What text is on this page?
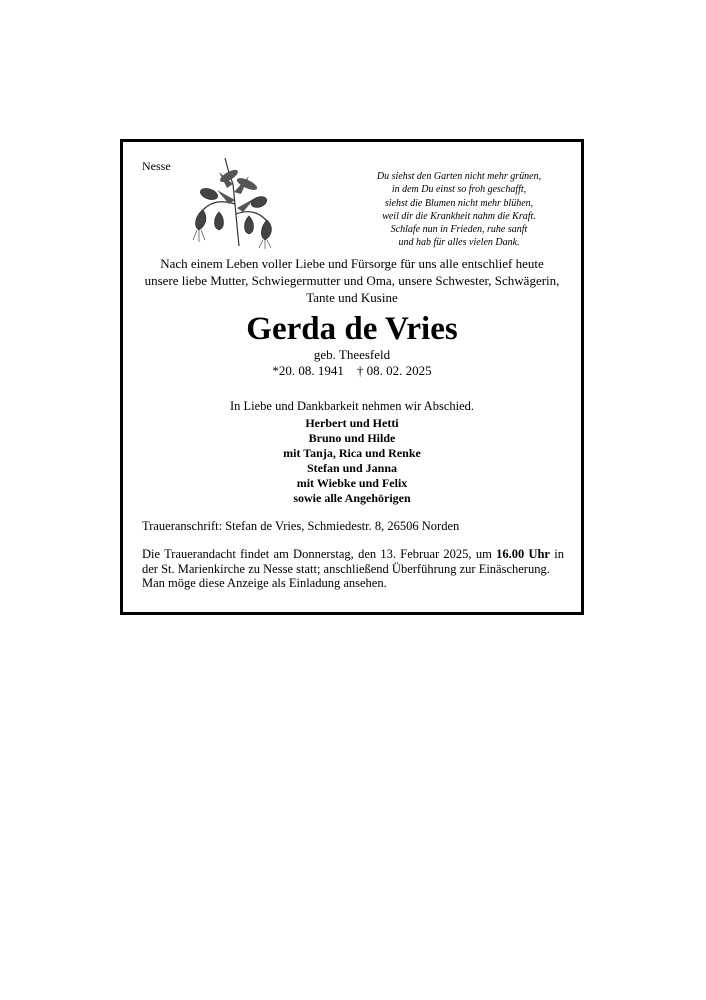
Nesse
Du siehst den Garten nicht mehr grünen,
in dem Du einst so froh geschafft,
siehst die Blumen nicht mehr blühen,
weil dir die Krankheit nahm die Kraft.
Schlafe nun in Frieden, ruhe sanft
und hab für alles vielen Dank.
Nach einem Leben voller Liebe und Fürsorge für uns alle entschlief heute
unsere liebe Mutter, Schwiegermutter und Oma, unsere Schwester, Schwägerin,
Tante und Kusine
Gerda de Vries
geb. Theesfeld
*20. 08. 1941    † 08. 02. 2025
In Liebe und Dankbarkeit nehmen wir Abschied.
Herbert und Hetti
Bruno und Hilde
mit Tanja, Rica und Renke
Stefan und Janna
mit Wiebke und Felix
sowie alle Angehörigen
Traueranschrift: Stefan de Vries, Schmiedestr. 8, 26506 Norden
Die Trauerandacht findet am Donnerstag, den 13. Februar 2025, um 16.00 Uhr in der St. Marienkirche zu Nesse statt; anschließend Überführung zur Einäscherung.
Man möge diese Anzeige als Einladung ansehen.
